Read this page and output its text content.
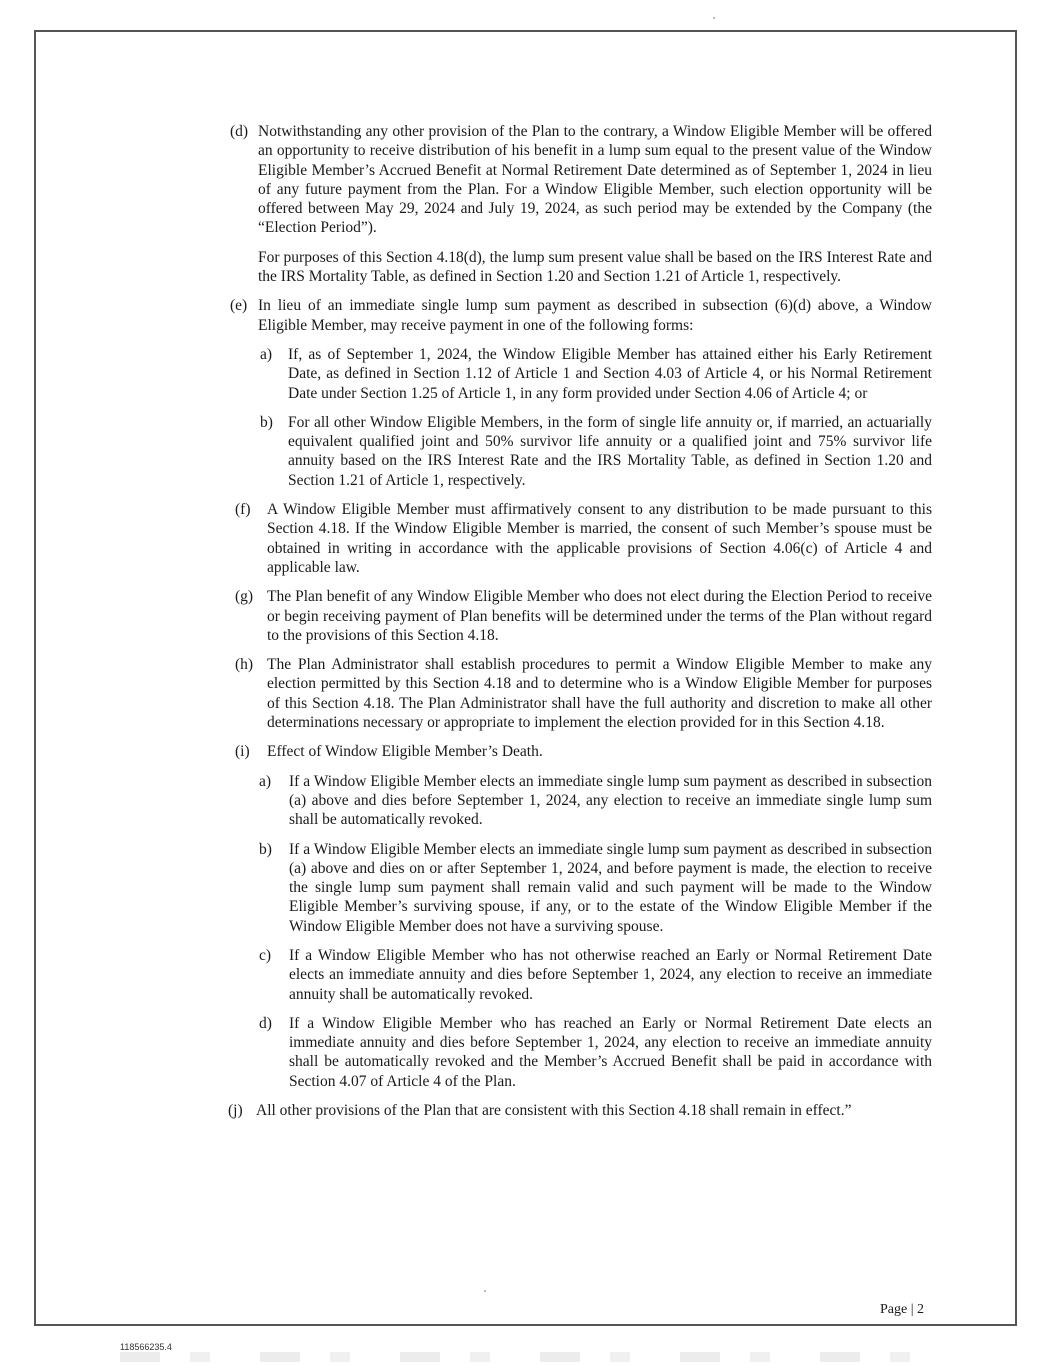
(d) Notwithstanding any other provision of the Plan to the contrary, a Window Eligible Member will be offered an opportunity to receive distribution of his benefit in a lump sum equal to the present value of the Window Eligible Member’s Accrued Benefit at Normal Retirement Date determined as of September 1, 2024 in lieu of any future payment from the Plan. For a Window Eligible Member, such election opportunity will be offered between May 29, 2024 and July 19, 2024, as such period may be extended by the Company (the “Election Period”).

For purposes of this Section 4.18(d), the lump sum present value shall be based on the IRS Interest Rate and the IRS Mortality Table, as defined in Section 1.20 and Section 1.21 of Article 1, respectively.

(e) In lieu of an immediate single lump sum payment as described in subsection (6)(d) above, a Window Eligible Member, may receive payment in one of the following forms:

a) If, as of September 1, 2024, the Window Eligible Member has attained either his Early Retirement Date, as defined in Section 1.12 of Article 1 and Section 4.03 of Article 4, or his Normal Retirement Date under Section 1.25 of Article 1, in any form provided under Section 4.06 of Article 4; or
b) For all other Window Eligible Members, in the form of single life annuity or, if married, an actuarially equivalent qualified joint and 50% survivor life annuity or a qualified joint and 75% survivor life annuity based on the IRS Interest Rate and the IRS Mortality Table, as defined in Section 1.20 and Section 1.21 of Article 1, respectively.
(f) A Window Eligible Member must affirmatively consent to any distribution to be made pursuant to this Section 4.18. If the Window Eligible Member is married, the consent of such Member’s spouse must be obtained in writing in accordance with the applicable provisions of Section 4.06(c) of Article 4 and applicable law.
(g) The Plan benefit of any Window Eligible Member who does not elect during the Election Period to receive or begin receiving payment of Plan benefits will be determined under the terms of the Plan without regard to the provisions of this Section 4.18.
(h) The Plan Administrator shall establish procedures to permit a Window Eligible Member to make any election permitted by this Section 4.18 and to determine who is a Window Eligible Member for purposes of this Section 4.18. The Plan Administrator shall have the full authority and discretion to make all other determinations necessary or appropriate to implement the election provided for in this Section 4.18.
(i) Effect of Window Eligible Member’s Death.

a) If a Window Eligible Member elects an immediate single lump sum payment as described in subsection (a) above and dies before September 1, 2024, any election to receive an immediate single lump sum shall be automatically revoked.
b) If a Window Eligible Member elects an immediate single lump sum payment as described in subsection (a) above and dies on or after September 1, 2024, and before payment is made, the election to receive the single lump sum payment shall remain valid and such payment will be made to the Window Eligible Member’s surviving spouse, if any, or to the estate of the Window Eligible Member if the Window Eligible Member does not have a surviving spouse.
c) If a Window Eligible Member who has not otherwise reached an Early or Normal Retirement Date elects an immediate annuity and dies before September 1, 2024, any election to receive an immediate annuity shall be automatically revoked.
d) If a Window Eligible Member who has reached an Early or Normal Retirement Date elects an immediate annuity and dies before September 1, 2024, any election to receive an immediate annuity shall be automatically revoked and the Member’s Accrued Benefit shall be paid in accordance with Section 4.07 of Article 4 of the Plan.
(j) All other provisions of the Plan that are consistent with this Section 4.18 shall remain in effect.”
Page | 2
118566235.4
